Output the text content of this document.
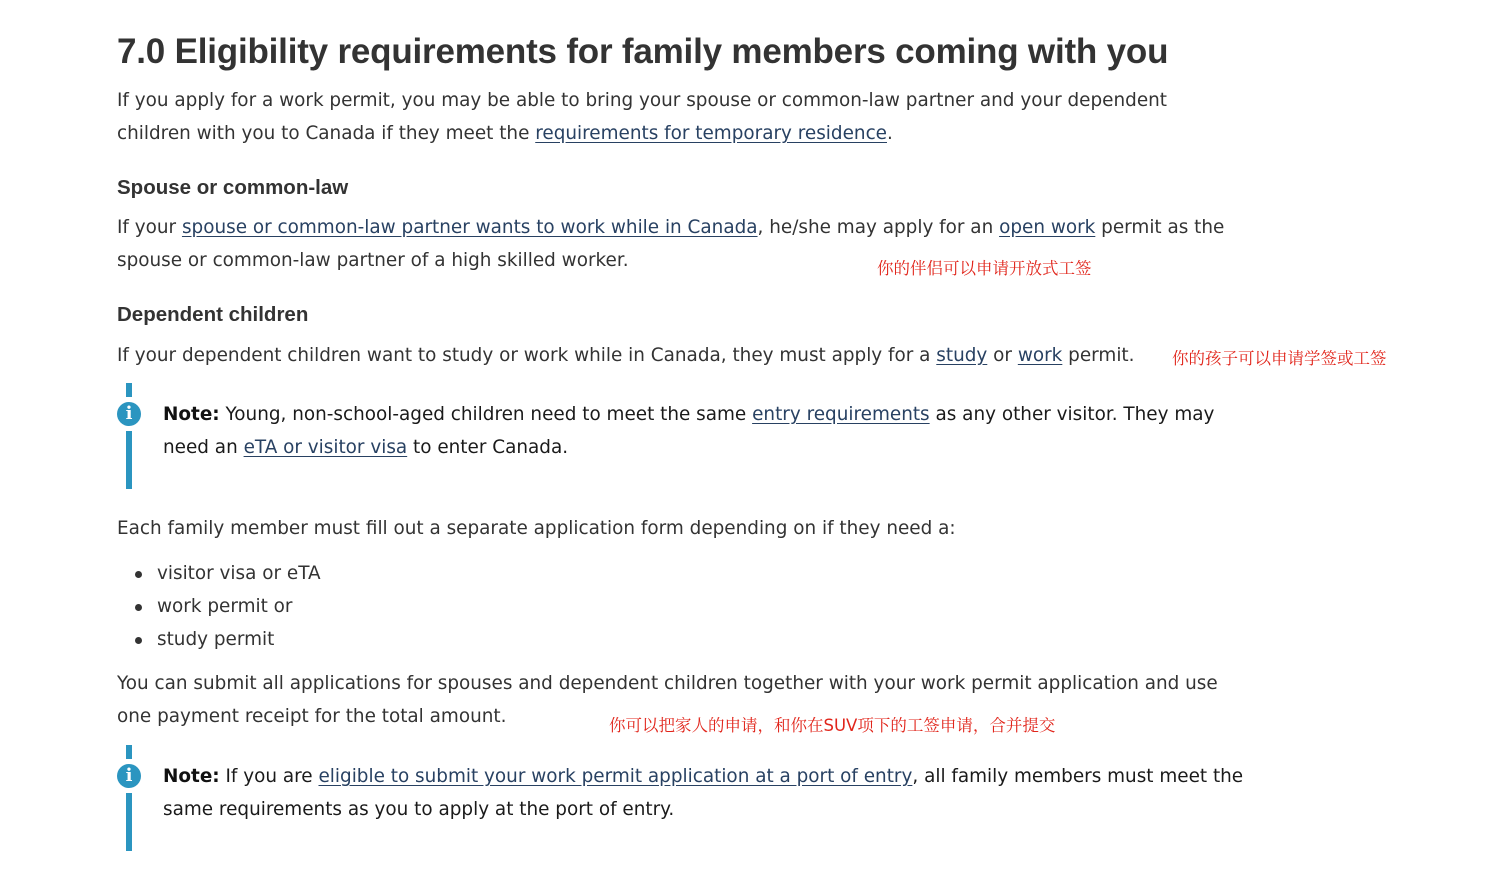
7.0 Eligibility requirements for family members coming with you
If you apply for a work permit, you may be able to bring your spouse or common-law partner and your dependent
children with you to Canada if they meet the requirements for temporary residence.
Spouse or common-law
If your spouse or common-law partner wants to work while in Canada, he/she may apply for an open work permit as the
spouse or common-law partner of a high skilled worker.	你的伴侣可以申请开放式工签
Dependent children
If your dependent children want to study or work while in Canada, they must apply for a study or work permit.	你的孩子可以申请学签或工签
i	Note: Young, non-school-aged children need to meet the same entry requirements as any other visitor. They may
need an eTA or visitor visa to enter Canada.
Each family member must fill out a separate application form depending on if they need a:
visitor visa or eTA
work permit or
study permit
You can submit all applications for spouses and dependent children together with your work permit application and use
one payment receipt for the total amount.	你可以把家人的申请，和你在SUV项下的工签申请，合并提交
i	Note: If you are eligible to submit your work permit application at a port of entry, all family members must meet the
same requirements as you to apply at the port of entry.
